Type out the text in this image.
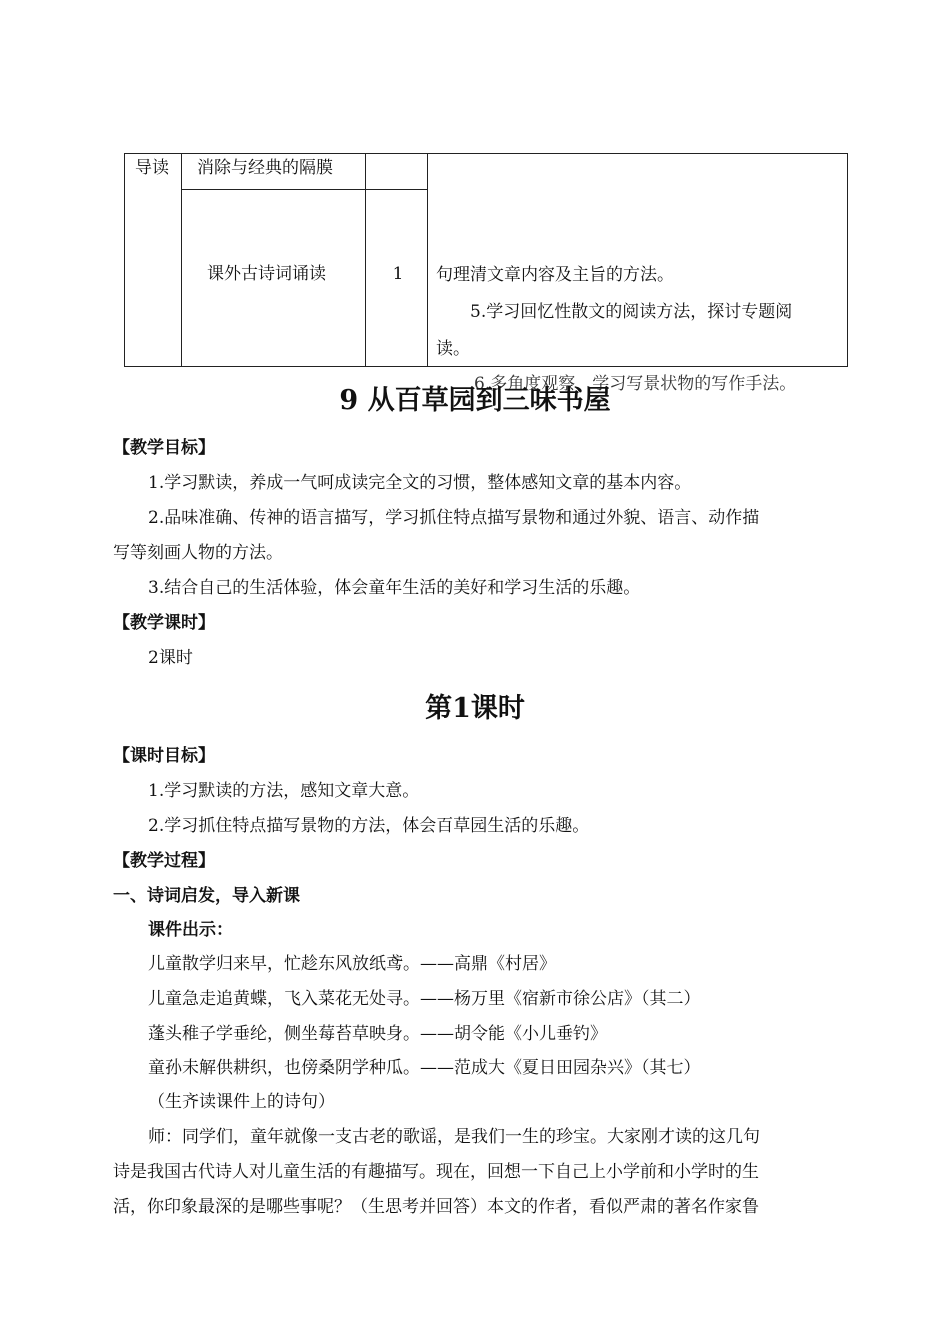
导读 消除与经典的隔膜
课外古诗词诵读	1	句理清文章内容及主旨的方法。
5.学习回忆性散文的阅读方法，探讨专题阅
读。
6.多角度观察，学习写景状物的写作手法。
9 从百草园到三味书屋
【教学目标】
1.学习默读，养成一气呵成读完全文的习惯，整体感知文章的基本内容。
2.品味准确、传神的语言描写，学习抓住特点描写景物和通过外貌、语言、动作描
写等刻画人物的方法。
3.结合自己的生活体验，体会童年生活的美好和学习生活的乐趣。
【教学课时】
2课时
第1课时
【课时目标】
1.学习默读的方法，感知文章大意。
2.学习抓住特点描写景物的方法，体会百草园生活的乐趣。
【教学过程】
一、诗词启发，导入新课
课件出示：
儿童散学归来早，忙趁东风放纸鸢。——高鼎《村居》
儿童急走追黄蝶，飞入菜花无处寻。——杨万里《宿新市徐公店》（其二）
蓬头稚子学垂纶，侧坐莓苔草映身。——胡令能《小儿垂钓》
童孙未解供耕织，也傍桑阴学种瓜。——范成大《夏日田园杂兴》（其七）
（生齐读课件上的诗句）
师：同学们，童年就像一支古老的歌谣，是我们一生的珍宝。大家刚才读的这几句
诗是我国古代诗人对儿童生活的有趣描写。现在，回想一下自己上小学前和小学时的生
活，你印象最深的是哪些事呢？（生思考并回答）本文的作者，看似严肃的著名作家鲁
